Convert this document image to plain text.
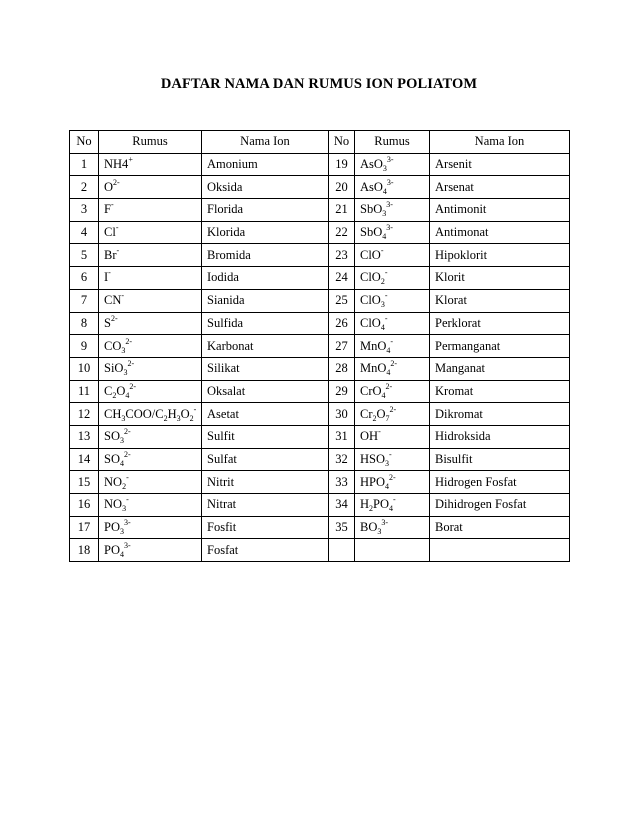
DAFTAR NAMA DAN RUMUS ION POLIATOM
No	Rumus	Nama Ion	No	Rumus	Nama Ion
1	NH4+	Amonium	19	AsO$_3^{3-}$	Arsenit
2	$O^{2-}$	Oksida	20	AsO$_4^{3-}$	Arsenat
3	F-	Florida	21	SbO$_3^{3-}$	Antimonit
4	Cl-	Klorida	22	SbO$_4^{3-}$	Antimonat
5	Br-	Bromida	23	ClO-	Hipoklorit
6	I-	Iodida	24	ClO$_2$-	Klorit
7	CN-	Sianida	25	ClO$_3$-	Klorat
8	$S^{2-}$	Sulfida	26	ClO$_4$-	Perklorat
9	$CO_3^{2-}$	Karbonat	27	MnO$_4$-	Permanganat
10	SiO$_3^{2-}$	Silikat	28	MnO$_4^{2-}$	Manganat
11	$C_2O_4^{2-}$	Oksalat	29	CrO$_4^{2-}$	Kromat
12	$CH_3COO/C_2H_3O_2^-$	Asetat	30	$Cr_2O_7^{2-}$	Dikromat
13	$SO_3^{2-}$	Sulfit	31	OH-	Hidroksida
14	$SO_4^{2-}$	Sulfat	32	$HSO_3^-$	Bisulfit
15	$NO_2^-$	Nitrit	33	$HPO_4^{2-}$	Hidrogen Fosfat
16	$NO_3^-$	Nitrat	34	$H_2PO_4^-$	Dihidrogen Fosfat
17	$PO_3^{3-}$	Fosfit	35	$BO_3^{3-}$	Borat
18	$PO_4^{3-}$	Fosfat			
